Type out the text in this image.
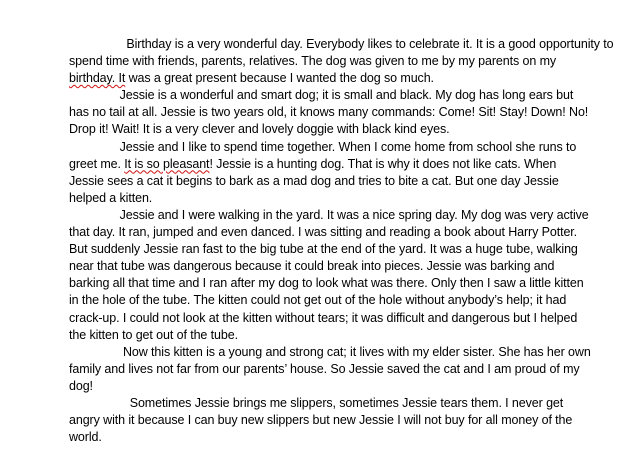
Birthday is a very wonderful day. Everybody likes to celebrate it. It is a good opportunity to
spend time with friends, parents, relatives. The dog was given to me by my parents on my
birthday. It was a great present because I wanted the dog so much.
Jessie is a wonderful and smart dog; it is small and black. My dog has long ears but
has no tail at all. Jessie is two years old, it knows many commands: Come! Sit! Stay! Down! No!
Drop it! Wait! It is a very clever and lovely doggie with black kind eyes.
Jessie and I like to spend time together. When I come home from school she runs to
greet me. It is so pleasant! Jessie is a hunting dog. That is why it does not like cats. When
Jessie sees a cat it begins to bark as a mad dog and tries to bite a cat. But one day Jessie
helped a kitten.
Jessie and I were walking in the yard. It was a nice spring day. My dog was very active
that day. It ran, jumped and even danced. I was sitting and reading a book about Harry Potter.
But suddenly Jessie ran fast to the big tube at the end of the yard. It was a huge tube, walking
near that tube was dangerous because it could break into pieces. Jessie was barking and
barking all that time and I ran after my dog to look what was there. Only then I saw a little kitten
in the hole of the tube. The kitten could not get out of the hole without anybody’s help; it had
crack-up. I could not look at the kitten without tears; it was difficult and dangerous but I helped
the kitten to get out of the tube.
Now this kitten is a young and strong cat; it lives with my elder sister. She has her own
family and lives not far from our parents’ house. So Jessie saved the cat and I am proud of my
dog!
Sometimes Jessie brings me slippers, sometimes Jessie tears them. I never get
angry with it because I can buy new slippers but new Jessie I will not buy for all money of the
world.
